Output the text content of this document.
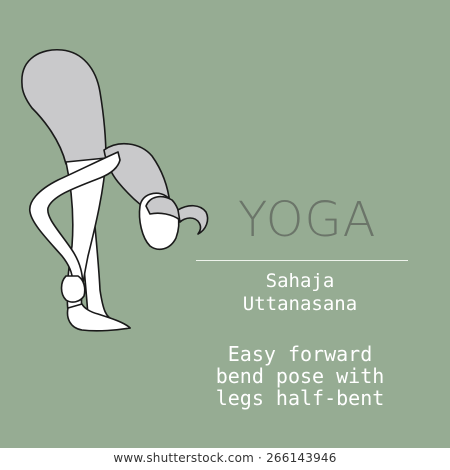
YOGA
Sahaja
Uttanasana
Easy forward
bend pose with
legs half-bent
www.shutterstock.com · 266143946
